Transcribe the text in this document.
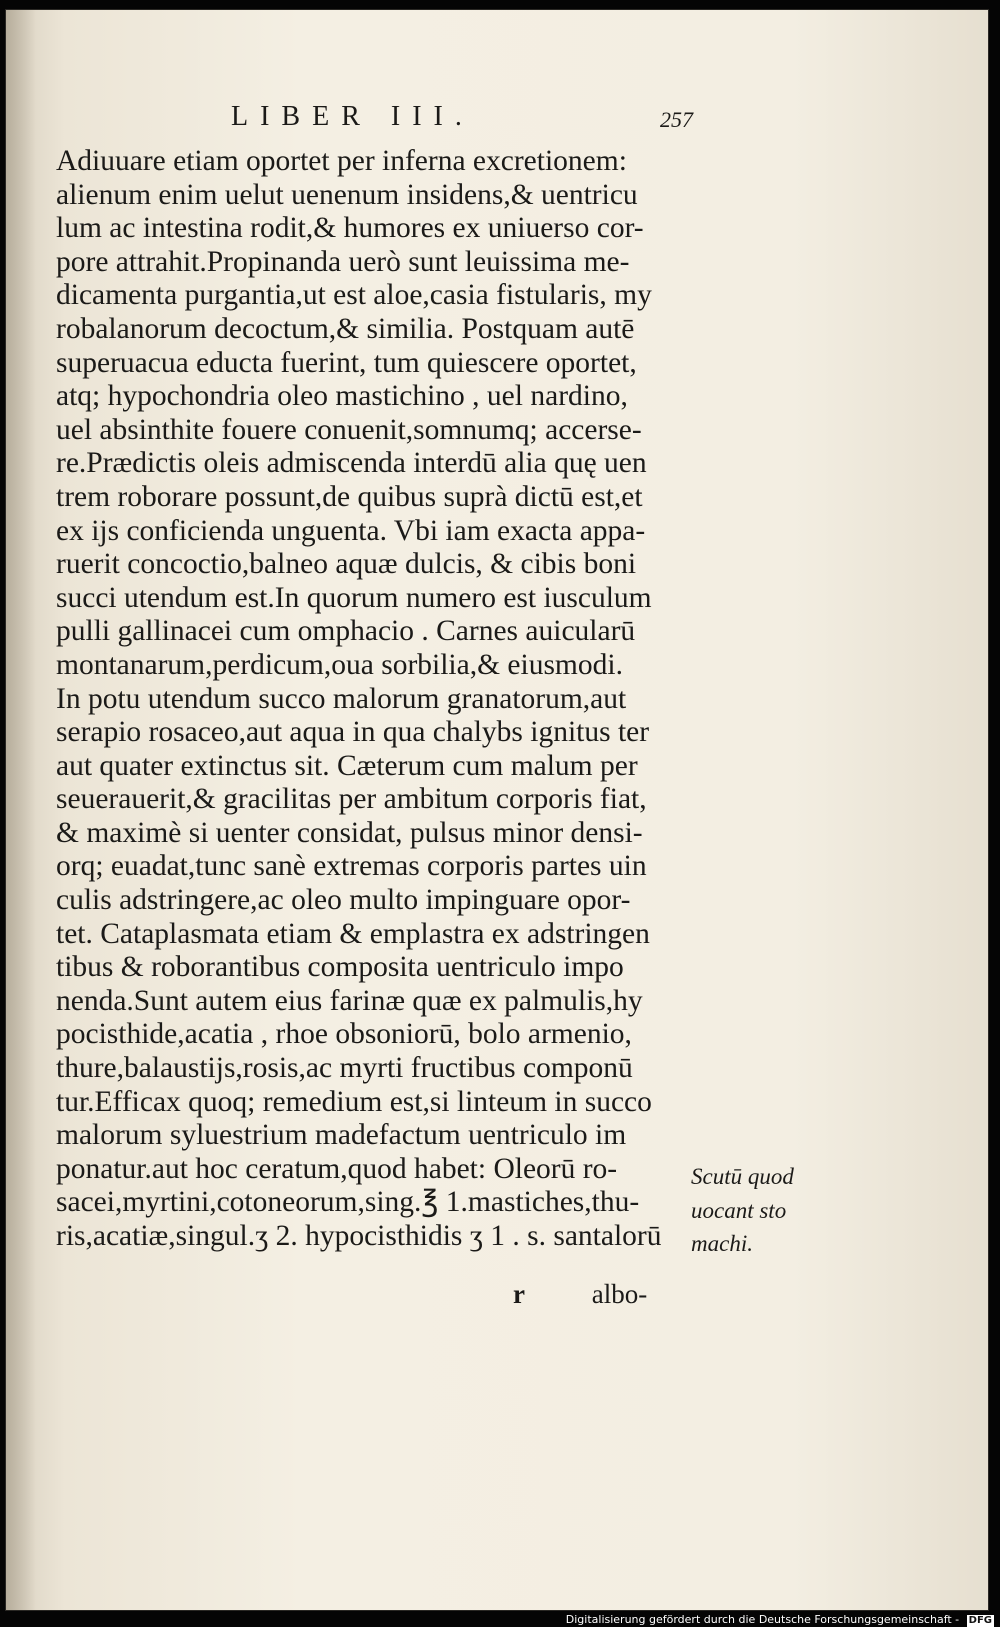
LIBER III.	257
Adiuuare etiam oportet per inferna excretionem:
alienum enim uelut uenenum insidens,& uentricu
lum ac intestina rodit,& humores ex uniuerso cor-
pore attrahit.Propinanda uerò sunt leuissima me-
dicamenta purgantia,ut est aloe,casia fistularis, my
robalanorum decoctum,& similia. Postquam autē
superuacua educta fuerint, tum quiescere oportet,
atq; hypochondria oleo mastichino , uel nardino,
uel absinthite fouere conuenit,somnumq; accerse-
re.Prædictis oleis admiscenda interdū alia quę uen
trem roborare possunt,de quibus suprà dictū est,et
ex ijs conficienda unguenta. Vbi iam exacta appa-
ruerit concoctio,balneo aquæ dulcis, & cibis boni
succi utendum est.In quorum numero est iusculum
pulli gallinacei cum omphacio . Carnes auicularū
montanarum,perdicum,oua sorbilia,& eiusmodi.
In potu utendum succo malorum granatorum,aut
serapio rosaceo,aut aqua in qua chalybs ignitus ter
aut quater extinctus sit. Cæterum cum malum per
seuerauerit,& gracilitas per ambitum corporis fiat,
& maximè si uenter considat, pulsus minor densi-
orq; euadat,tunc sanè extremas corporis partes uin
culis adstringere,ac oleo multo impinguare opor-
tet. Cataplasmata etiam & emplastra ex adstringen
tibus & roborantibus composita uentriculo impo
nenda.Sunt autem eius farinæ quæ ex palmulis,hy
pocisthide,acatia , rhoe obsoniorū, bolo armenio,
thure,balaustijs,rosis,ac myrti fructibus componū
tur.Efficax quoq; remedium est,si linteum in succo
malorum syluestrium madefactum uentriculo im
ponatur.aut hoc ceratum,quod habet: Oleorū ro-
sacei,myrtini,cotoneorum,sing.℥ 1.mastiches,thu-
ris,acatiæ,singul.ʒ 2. hypocisthidis ʒ 1 . s. santalorū
Scutū quod
uocant sto
machi.
r albo-
Digitalisierung gefördert durch die Deutsche Forschungsgemeinschaft - DFG
